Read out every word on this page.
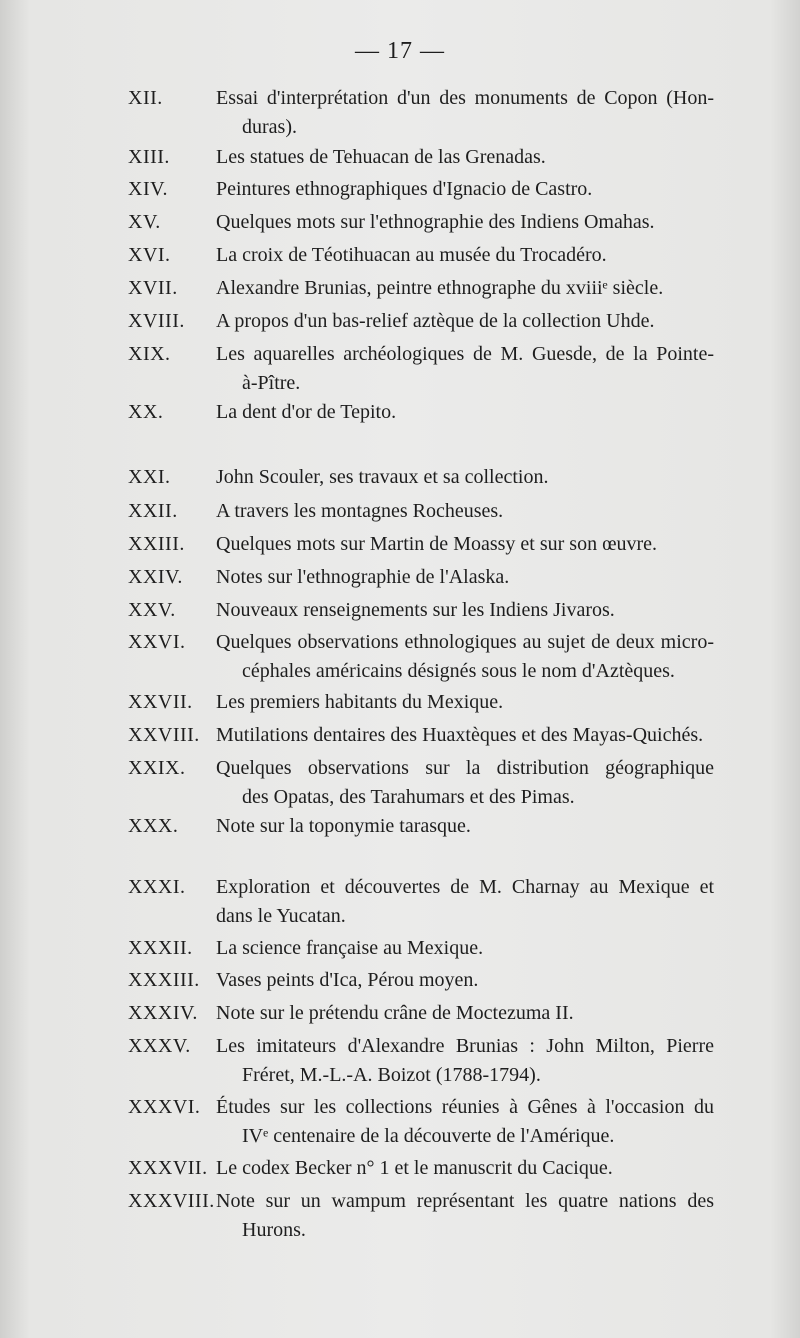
— 17 —
XII.	Essai d'interprétation d'un des monuments de Copon (Hon-
duras).
XIII. Les statues de Tehuacan de las Grenadas.
XIV. Peintures ethnographiques d'Ignacio de Castro.
XV.	Quelques mots sur l'ethnographie des Indiens Omahas.
XVI. La croix de Téotihuacan au musée du Trocadéro.
XVII. Alexandre Brunias, peintre ethnographe du xviiiᵉ siècle.
XVIII. A propos d'un bas-relief aztèque de la collection Uhde.
XIX. Les aquarelles archéologiques de M. Guesde, de la Pointe-
à-Pître.
XX.	La dent d'or de Tepito.
XXI. John Scouler, ses travaux et sa collection.
XXII. A travers les montagnes Rocheuses.
XXIII. Quelques mots sur Martin de Moassy et sur son œuvre.
XXIV. Notes sur l'ethnographie de l'Alaska.
XXV. Nouveaux renseignements sur les Indiens Jivaros.
XXVI. Quelques observations ethnologiques au sujet de deux micro-
céphales américains désignés sous le nom d'Aztèques.
XXVII. Les premiers habitants du Mexique.
XXVIII. Mutilations dentaires des Huaxtèques et des Mayas-Quichés.
XXIX. Quelques observations sur la distribution géographique
des Opatas, des Tarahumars et des Pimas.
XXX. Note sur la toponymie tarasque.
XXXI. Exploration et découvertes de M. Charnay au Mexique et
dans le Yucatan.
XXXII. La science française au Mexique.
XXXIII. Vases peints d'Ica, Pérou moyen.
XXXIV. Note sur le prétendu crâne de Moctezuma II.
XXXV. Les imitateurs d'Alexandre Brunias : John Milton, Pierre
Fréret, M.-L.-A. Boizot (1788-1794).
XXXVI. Études sur les collections réunies à Gênes à l'occasion du
IVᵉ centenaire de la découverte de l'Amérique.
XXXVII. Le codex Becker n° 1 et le manuscrit du Cacique.
XXXVIII. Note sur un wampum représentant les quatre nations des
Hurons.
